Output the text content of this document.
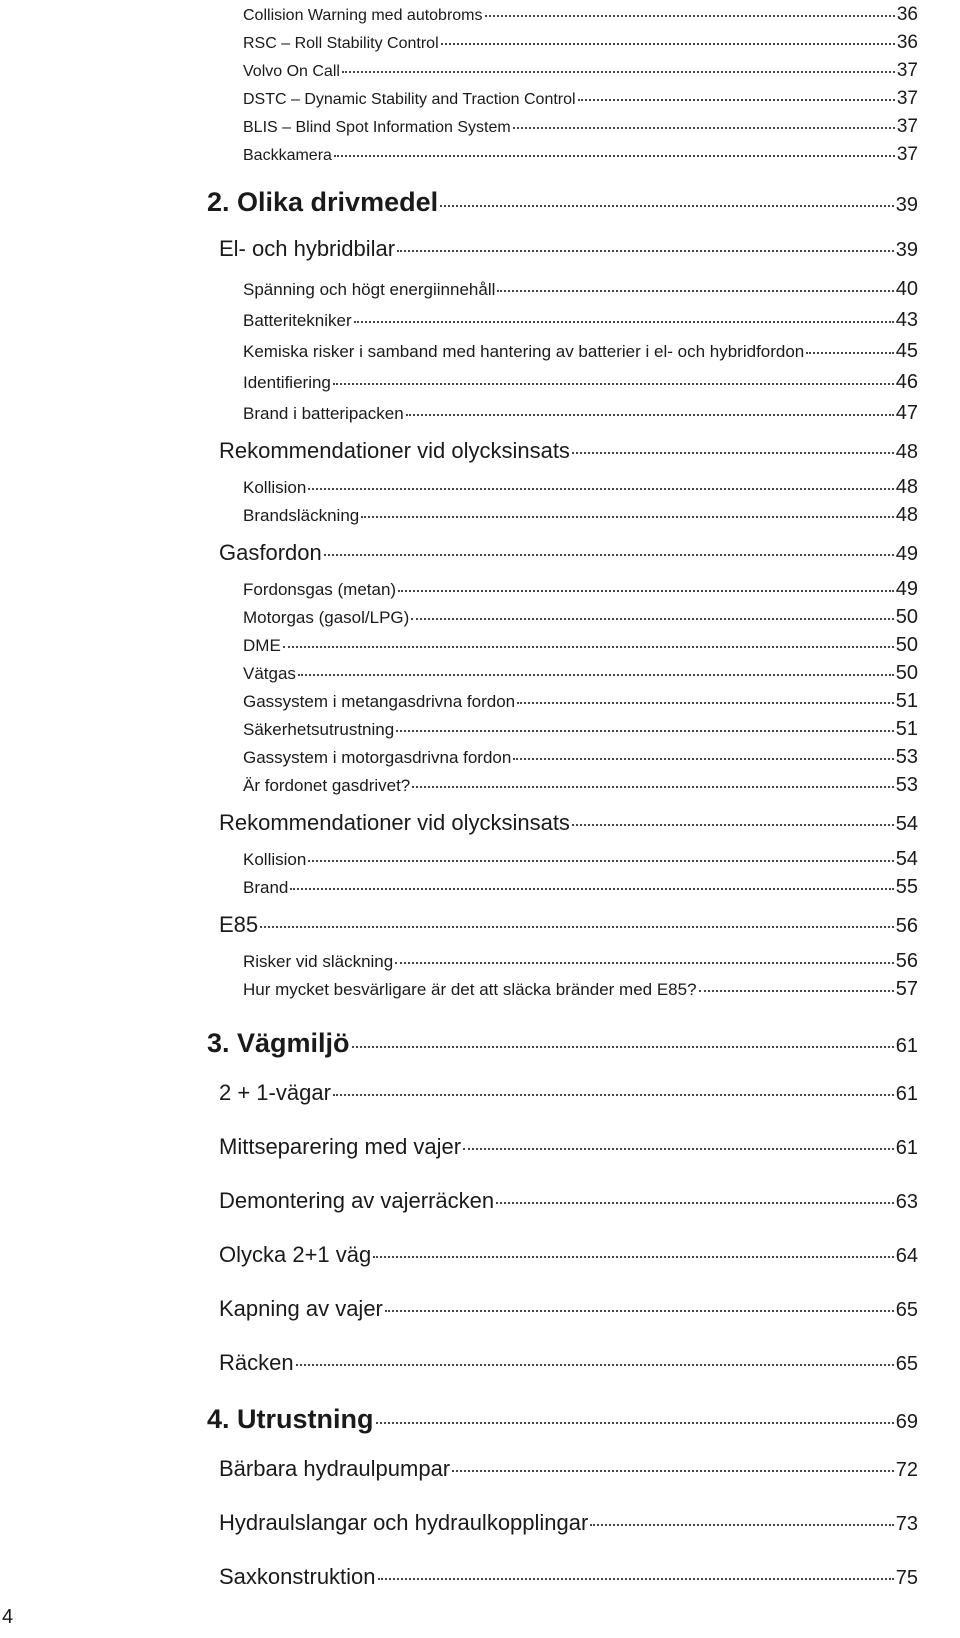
Collision Warning med autobroms	36
RSC – Roll Stability Control	36
Volvo On Call	37
DSTC – Dynamic Stability and Traction Control	37
BLIS – Blind Spot Information System	37
Backkamera	37
2. Olika drivmedel	39
El- och hybridbilar	39
Spänning och högt energiinnehåll	40
Batteritekniker	43
Kemiska risker i samband med hantering av batterier i el- och hybridfordon	45
Identifiering	46
Brand i batteripacken	47
Rekommendationer vid olycksinsats	48
Kollision	48
Brandsläckning	48
Gasfordon	49
Fordonsgas (metan)	49
Motorgas (gasol/LPG)	50
DME	50
Vätgas	50
Gassystem i metangasdrivna fordon	51
Säkerhetsutrustning	51
Gassystem i motorgasdrivna fordon	53
Är fordonet gasdrivet?	53
Rekommendationer vid olycksinsats	54
Kollision	54
Brand	55
E85	56
Risker vid släckning	56
Hur mycket besvärligare är det att släcka bränder med E85?	57
3. Vägmiljö	61
2 + 1-vägar	61
Mittseparering med vajer	61
Demontering av vajerräcken	63
Olycka 2+1 väg	64
Kapning av vajer	65
Räcken	65
4. Utrustning	69
Bärbara hydraulpumpar	72
Hydraulslangar och hydraulkopplingar	73
Saxkonstruktion	75
4
